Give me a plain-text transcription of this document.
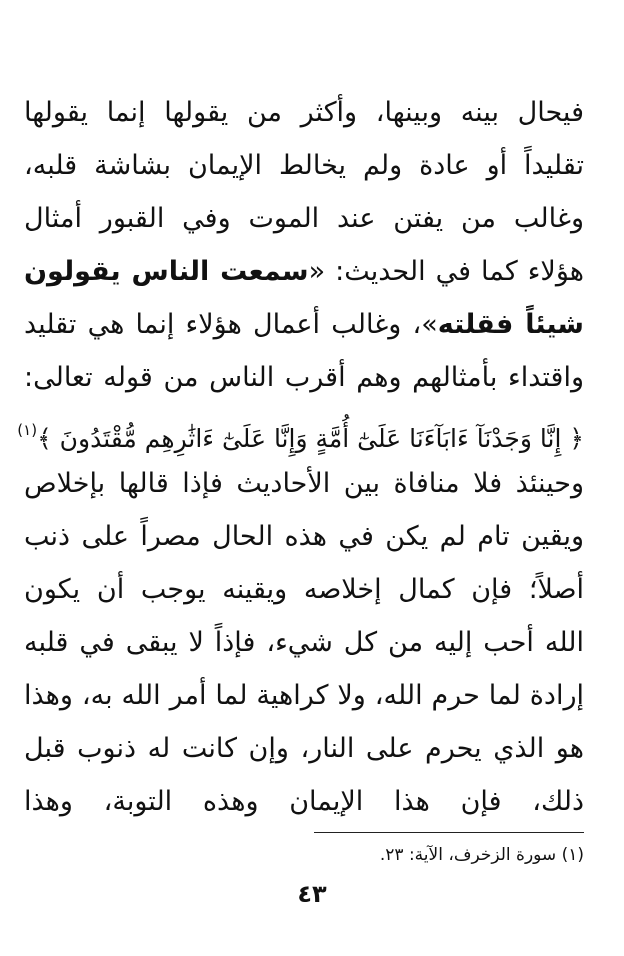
فيحال بينه وبينها، وأكثر من يقولها إنما يقولها
تقليداً أو عادة ولم يخالط الإيمان بشاشة قلبه،
وغالب من يفتن عند الموت وفي القبور أمثال
هؤلاء كما في الحديث: «سمعت الناس يقولون
شيئاً فقلته»، وغالب أعمال هؤلاء إنما هي تقليد
واقتداء بأمثالهم وهم أقرب الناس من قوله تعالى:
﴿ إِنَّا وَجَدْنَآ ءَابَآءَنَا عَلَىٰٓ أُمَّةٍ وَإِنَّا عَلَىٰٓ ءَاثَٰرِهِم مُّقْتَدُونَ ﴾$^{(١)}$
وحينئذ فلا منافاة بين الأحاديث فإذا قالها بإخلاص
ويقين تام لم يكن في هذه الحال مصراً على ذنب
أصلاً؛ فإن كمال إخلاصه ويقينه يوجب أن يكون
الله أحب إليه من كل شيء، فإذاً لا يبقى في قلبه
إرادة لما حرم الله، ولا كراهية لما أمر الله به، وهذا
هو الذي يحرم على النار، وإن كانت له ذنوب قبل
ذلك، فإن هذا الإيمان وهذه التوبة، وهذا
(١) سورة الزخرف، الآية: ٢٣.
٤٣
